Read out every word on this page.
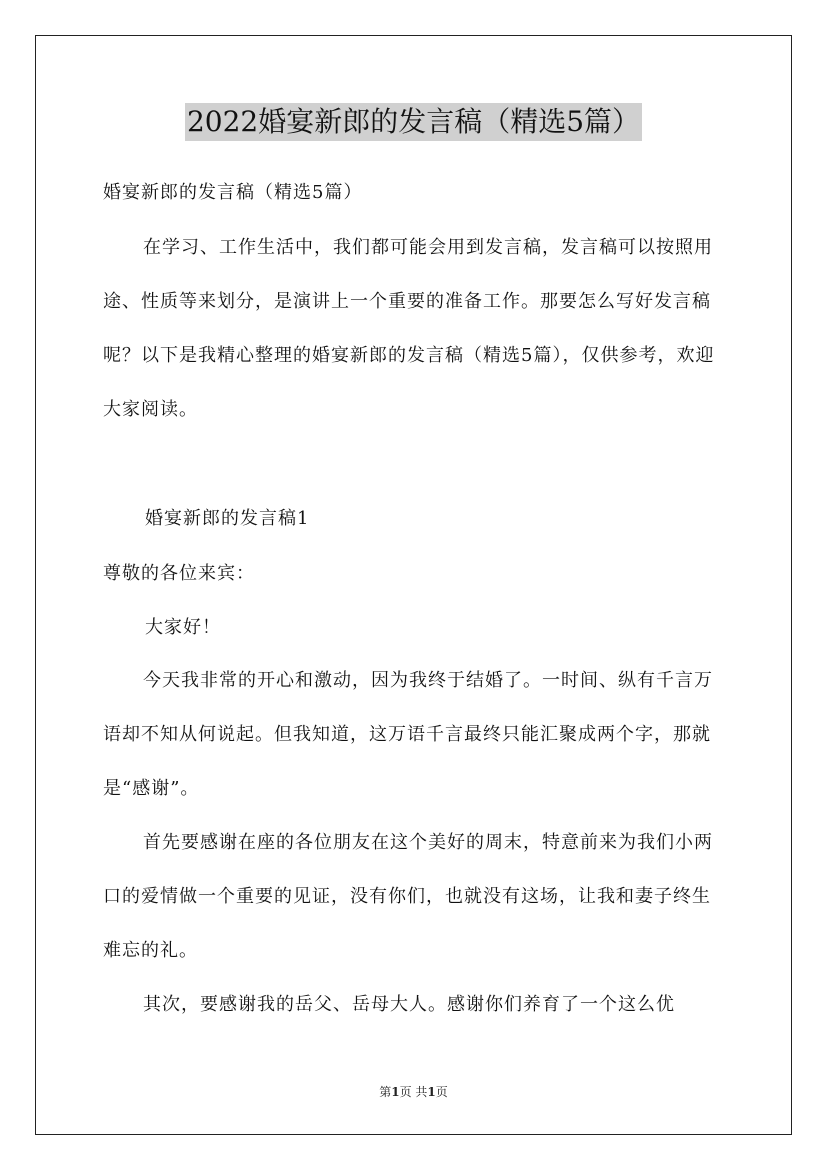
2022婚宴新郎的发言稿（精选5篇）

婚宴新郎的发言稿（精选5篇）

在学习、工作生活中，我们都可能会用到发言稿，发言稿可以按照用途、性质等来划分，是演讲上一个重要的准备工作。那要怎么写好发言稿呢？以下是我精心整理的婚宴新郎的发言稿（精选5篇），仅供参考，欢迎大家阅读。

婚宴新郎的发言稿1

尊敬的各位来宾：

大家好！

今天我非常的开心和激动，因为我终于结婚了。一时间、纵有千言万语却不知从何说起。但我知道，这万语千言最终只能汇聚成两个字，那就是“感谢”。

首先要感谢在座的各位朋友在这个美好的周末，特意前来为我们小两口的爱情做一个重要的见证，没有你们，也就没有这场，让我和妻子终生难忘的礼。

其次，要感谢我的岳父、岳母大人。感谢你们养育了一个这么优

第1页 共1页
